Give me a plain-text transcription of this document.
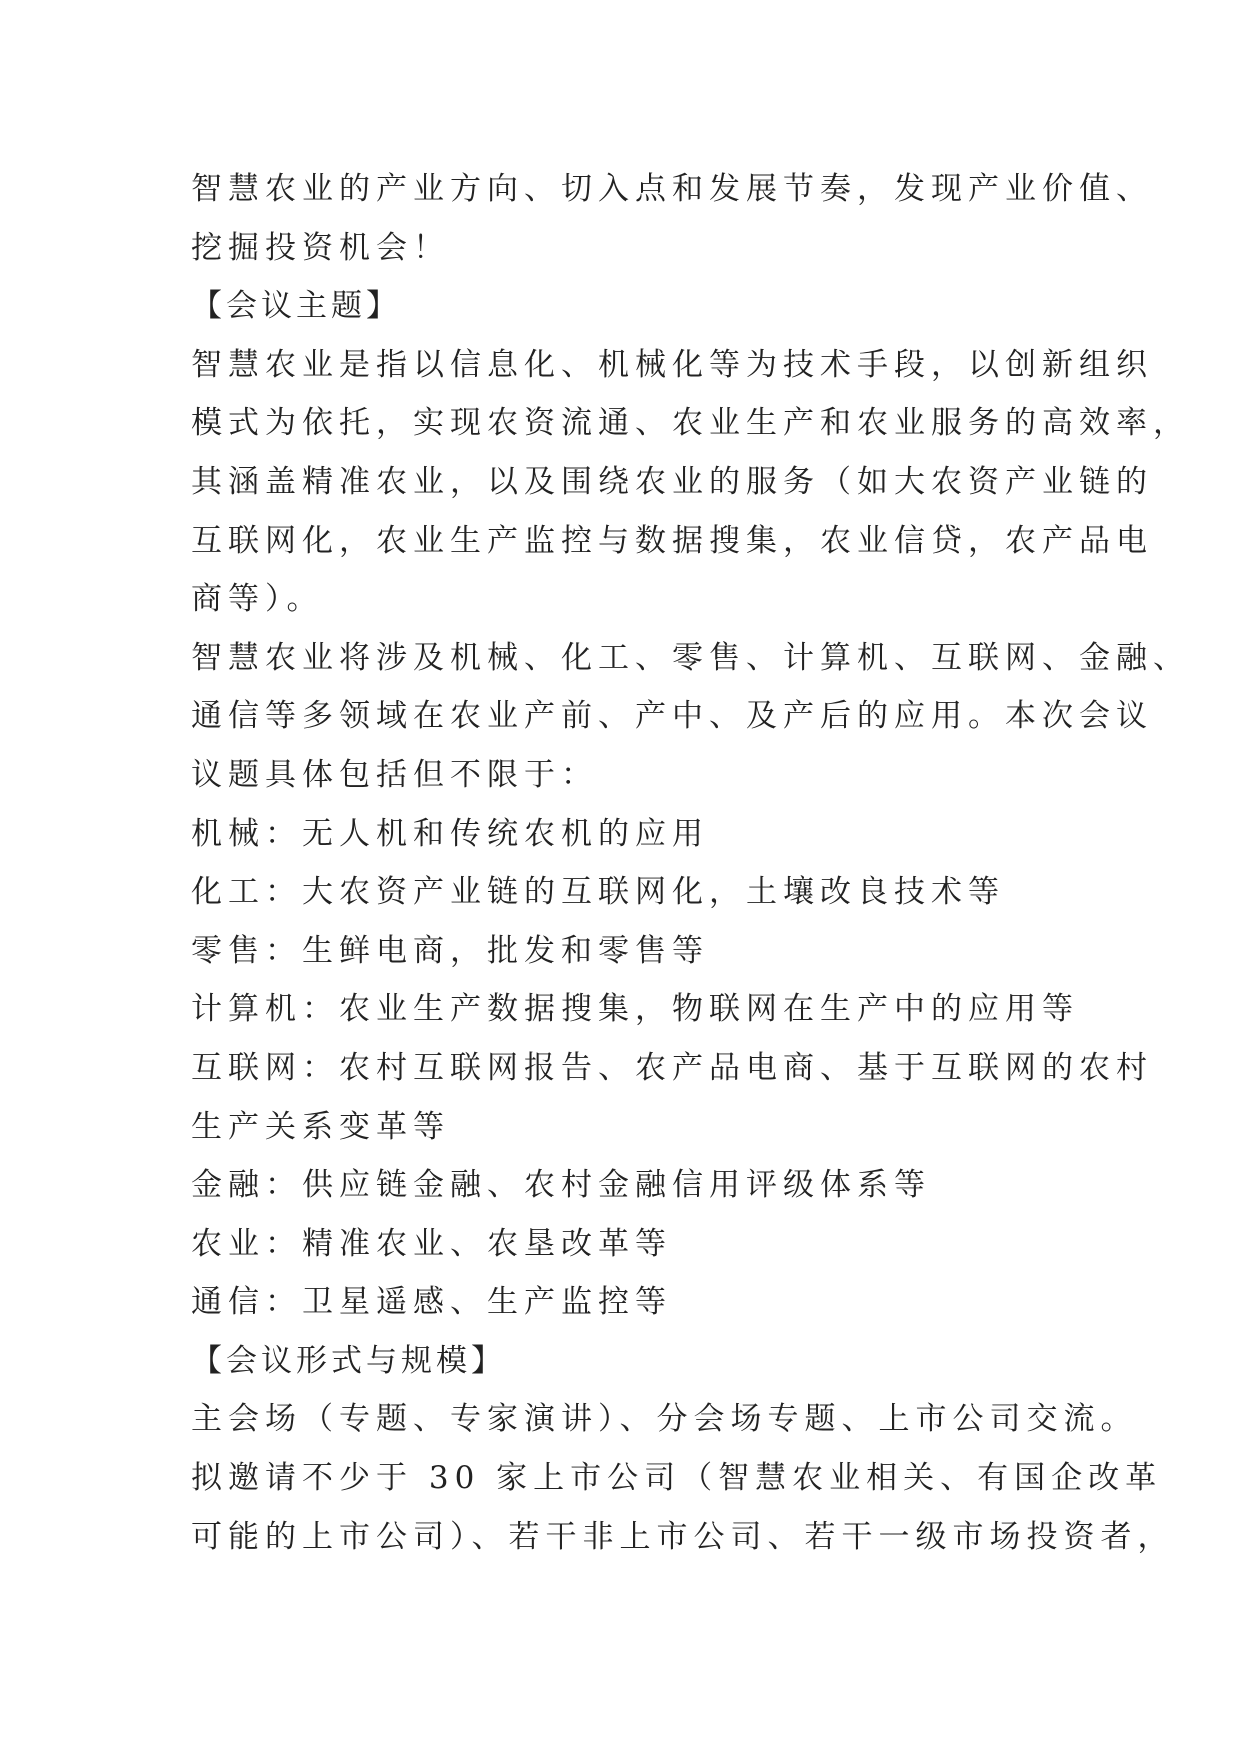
智慧农业的产业方向、切入点和发展节奏，发现产业价值、
挖掘投资机会！
【会议主题】
智慧农业是指以信息化、机械化等为技术手段，以创新组织
模式为依托，实现农资流通、农业生产和农业服务的高效率，
其涵盖精准农业，以及围绕农业的服务（如大农资产业链的
互联网化，农业生产监控与数据搜集，农业信贷，农产品电
商等）。
智慧农业将涉及机械、化工、零售、计算机、互联网、金融、
通信等多领域在农业产前、产中、及产后的应用。本次会议
议题具体包括但不限于：
机械：无人机和传统农机的应用
化工：大农资产业链的互联网化，土壤改良技术等
零售：生鲜电商，批发和零售等
计算机：农业生产数据搜集，物联网在生产中的应用等
互联网：农村互联网报告、农产品电商、基于互联网的农村
生产关系变革等
金融：供应链金融、农村金融信用评级体系等
农业：精准农业、农垦改革等
通信：卫星遥感、生产监控等
【会议形式与规模】
主会场（专题、专家演讲）、分会场专题、上市公司交流。
拟邀请不少于 30 家上市公司（智慧农业相关、有国企改革
可能的上市公司）、若干非上市公司、若干一级市场投资者，
